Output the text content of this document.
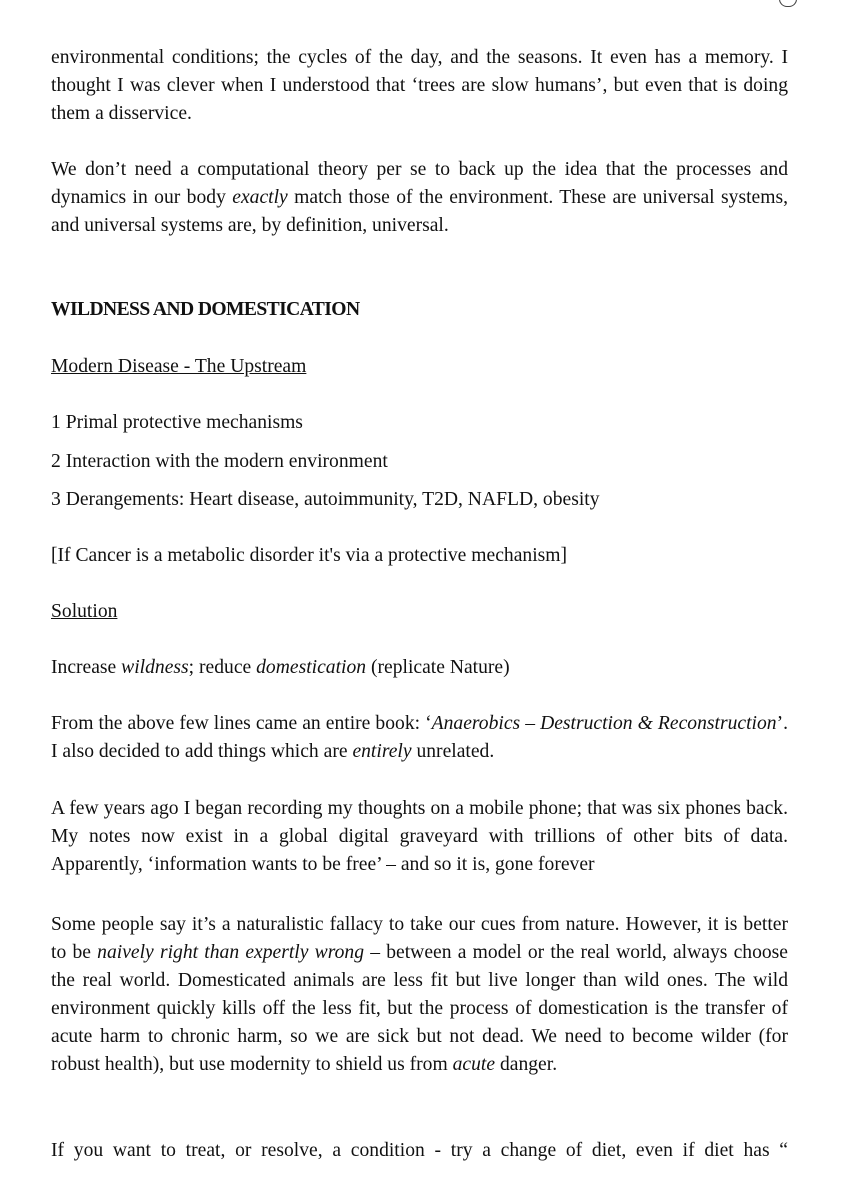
environmental conditions; the cycles of the day, and the seasons. It even has a memory. I thought I was clever when I understood that ‘trees are slow humans’, but even that is doing them a disservice.

We don’t need a computational theory per se to back up the idea that the processes and dynamics in our body exactly match those of the environment. These are universal systems, and universal systems are, by definition, universal.

WILDNESS AND DOMESTICATION

Modern Disease - The Upstream

1 Primal protective mechanisms

2 Interaction with the modern environment

3 Derangements: Heart disease, autoimmunity, T2D, NAFLD, obesity

[If Cancer is a metabolic disorder it's via a protective mechanism]

Solution

Increase wildness; reduce domestication (replicate Nature)

From the above few lines came an entire book: ‘Anaerobics – Destruction & Reconstruction’. I also decided to add things which are entirely unrelated.

A few years ago I began recording my thoughts on a mobile phone; that was six phones back. My notes now exist in a global digital graveyard with trillions of other bits of data. Apparently, ‘information wants to be free’ – and so it is, gone forever

Some people say it’s a naturalistic fallacy to take our cues from nature. However, it is better to be naively right than expertly wrong – between a model or the real world, always choose the real world. Domesticated animals are less fit but live longer than wild ones. The wild environment quickly kills off the less fit, but the process of domestication is the transfer of acute harm to chronic harm, so we are sick but not dead. We need to become wilder (for robust health), but use modernity to shield us from acute danger.

If you want to treat, or resolve, a condition - try a change of diet, even if diet has “
